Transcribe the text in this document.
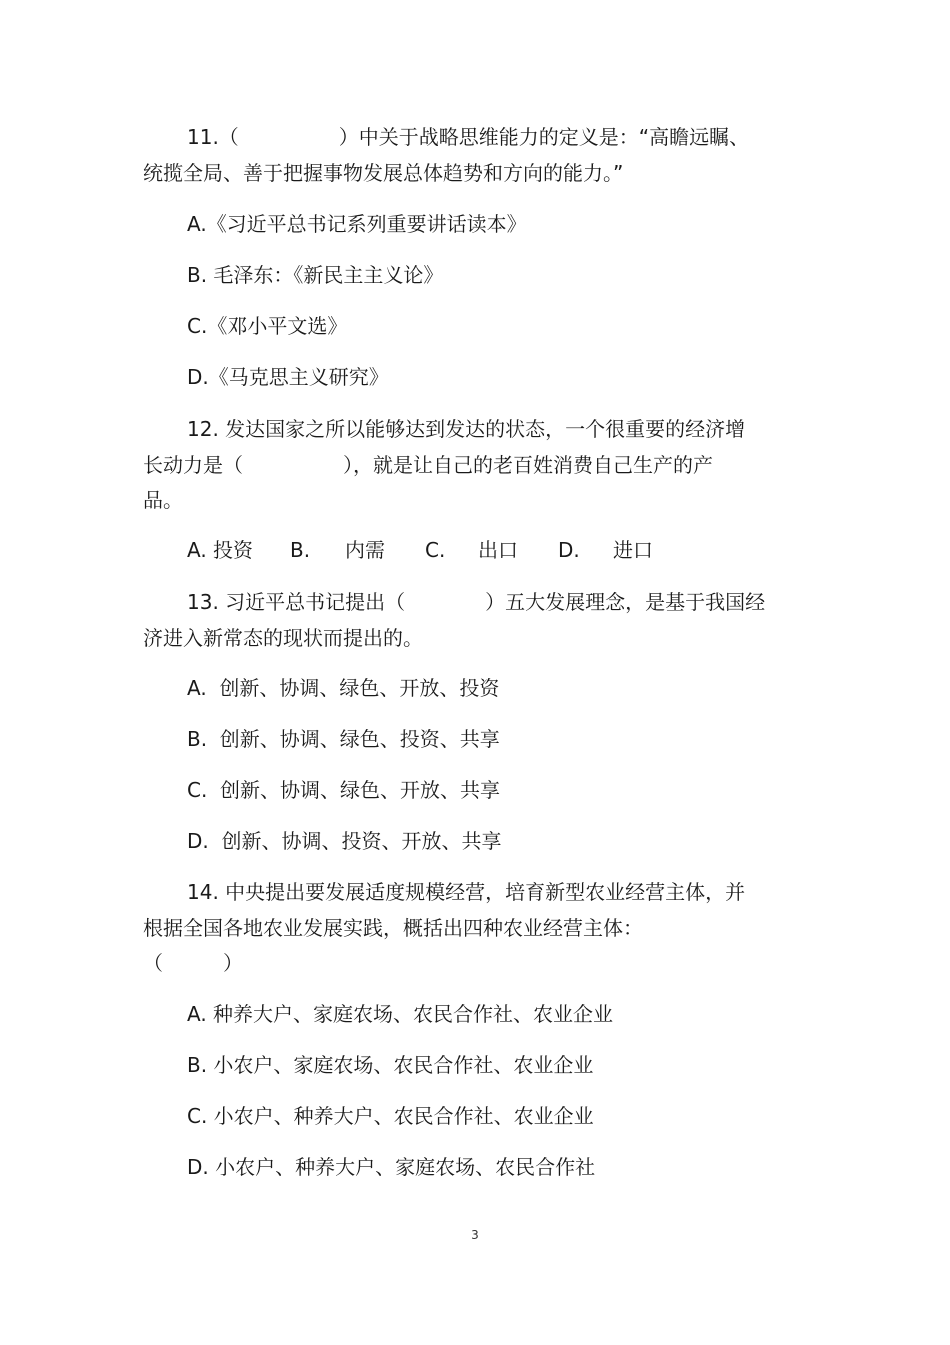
11.（　　　　　）中关于战略思维能力的定义是：“高瞻远瞩、
统揽全局、善于把握事物发展总体趋势和方向的能力。”
A.《习近平总书记系列重要讲话读本》
B. 毛泽东：《新民主主义论》
C.《邓小平文选》
D.《马克思主义研究》
12. 发达国家之所以能够达到发达的状态，一个很重要的经济增
长动力是（　　　　　），就是让自己的老百姓消费自己生产的产
品。

A. 投资

B.

内需

C.

出口

D.

进口

13. 习近平总书记提出（　　　　）五大发展理念，是基于我国经
济进入新常态的现状而提出的。
A.  创新、协调、绿色、开放、投资
B.  创新、协调、绿色、投资、共享
C.  创新、协调、绿色、开放、共享
D.  创新、协调、投资、开放、共享
14. 中央提出要发展适度规模经营，培育新型农业经营主体，并
根据全国各地农业发展实践，概括出四种农业经营主体：
（　　　）
A. 种养大户、家庭农场、农民合作社、农业企业
B. 小农户、家庭农场、农民合作社、农业企业
C. 小农户、种养大户、农民合作社、农业企业
D. 小农户、种养大户、家庭农场、农民合作社
3
